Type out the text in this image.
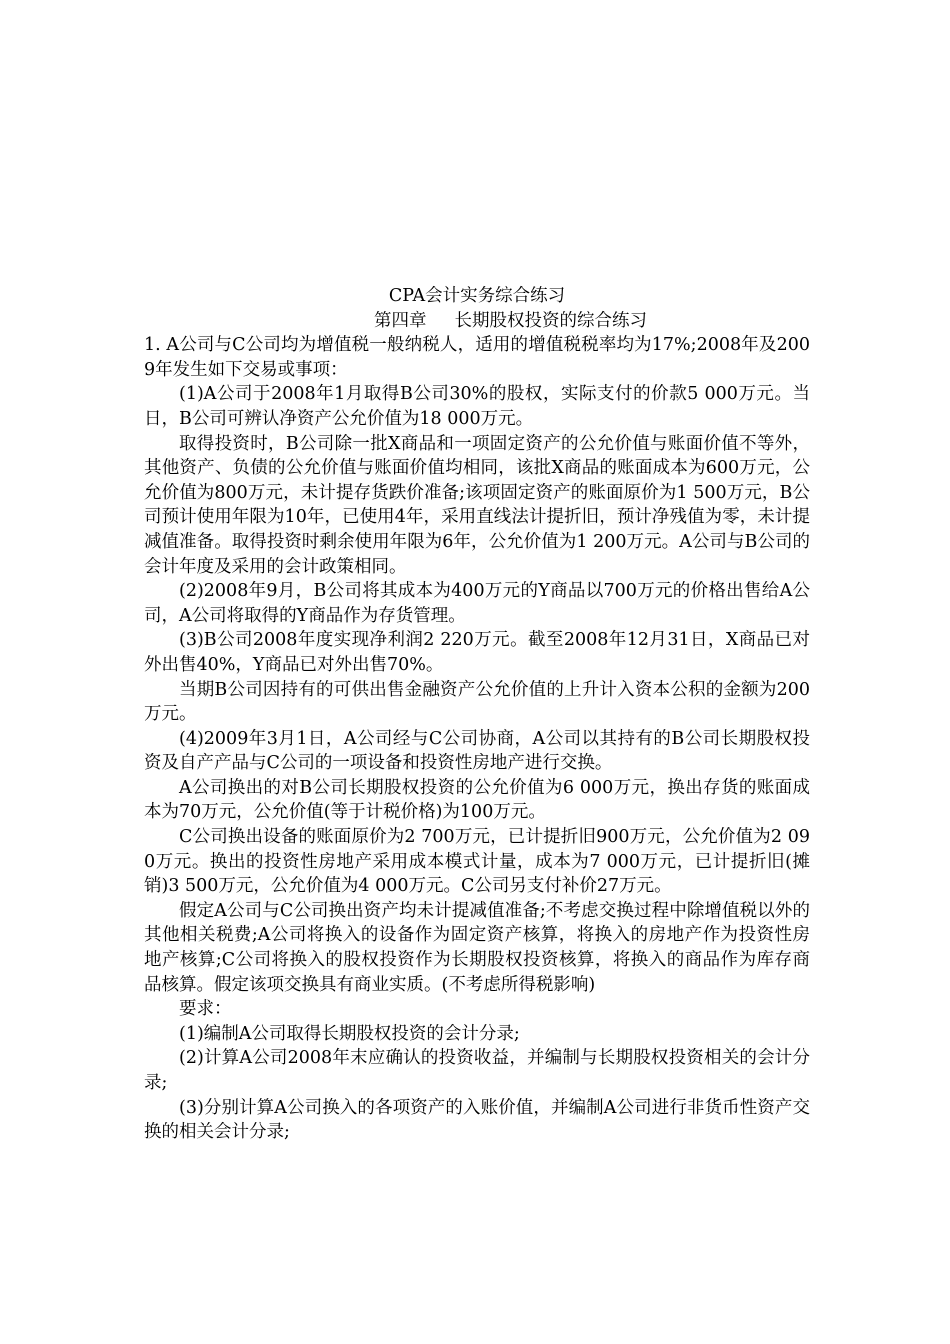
CPA会计实务综合练习
第四章 长期股权投资的综合练习

1. A公司与C公司均为增值税一般纳税人，适用的增值税税率均为17%;2008年及2009年发生如下交易或事项：

(1)A公司于2008年1月取得B公司30%的股权，实际支付的价款5 000万元。当日，B公司可辨认净资产公允价值为18 000万元。

取得投资时，B公司除一批X商品和一项固定资产的公允价值与账面价值不等外，其他资产、负债的公允价值与账面价值均相同，该批X商品的账面成本为600万元，公允价值为800万元，未计提存货跌价准备;该项固定资产的账面原价为1 500万元，B公司预计使用年限为10年，已使用4年，采用直线法计提折旧，预计净残值为零，未计提减值准备。取得投资时剩余使用年限为6年，公允价值为1 200万元。A公司与B公司的会计年度及采用的会计政策相同。

(2)2008年9月，B公司将其成本为400万元的Y商品以700万元的价格出售给A公司，A公司将取得的Y商品作为存货管理。

(3)B公司2008年度实现净利润2 220万元。截至2008年12月31日，X商品已对外出售40%，Y商品已对外出售70%。

当期B公司因持有的可供出售金融资产公允价值的上升计入资本公积的金额为200万元。

(4)2009年3月1日，A公司经与C公司协商，A公司以其持有的B公司长期股权投资及自产产品与C公司的一项设备和投资性房地产进行交换。

A公司换出的对B公司长期股权投资的公允价值为6 000万元，换出存货的账面成本为70万元，公允价值(等于计税价格)为100万元。

C公司换出设备的账面原价为2 700万元，已计提折旧900万元，公允价值为2 090万元。换出的投资性房地产采用成本模式计量，成本为7 000万元，已计提折旧(摊销)3 500万元，公允价值为4 000万元。C公司另支付补价27万元。

假定A公司与C公司换出资产均未计提减值准备;不考虑交换过程中除增值税以外的其他相关税费;A公司将换入的设备作为固定资产核算，将换入的房地产作为投资性房地产核算;C公司将换入的股权投资作为长期股权投资核算，将换入的商品作为库存商品核算。假定该项交换具有商业实质。(不考虑所得税影响)

要求：

(1)编制A公司取得长期股权投资的会计分录;

(2)计算A公司2008年末应确认的投资收益，并编制与长期股权投资相关的会计分录;

(3)分别计算A公司换入的各项资产的入账价值，并编制A公司进行非货币性资产交换的相关会计分录;
